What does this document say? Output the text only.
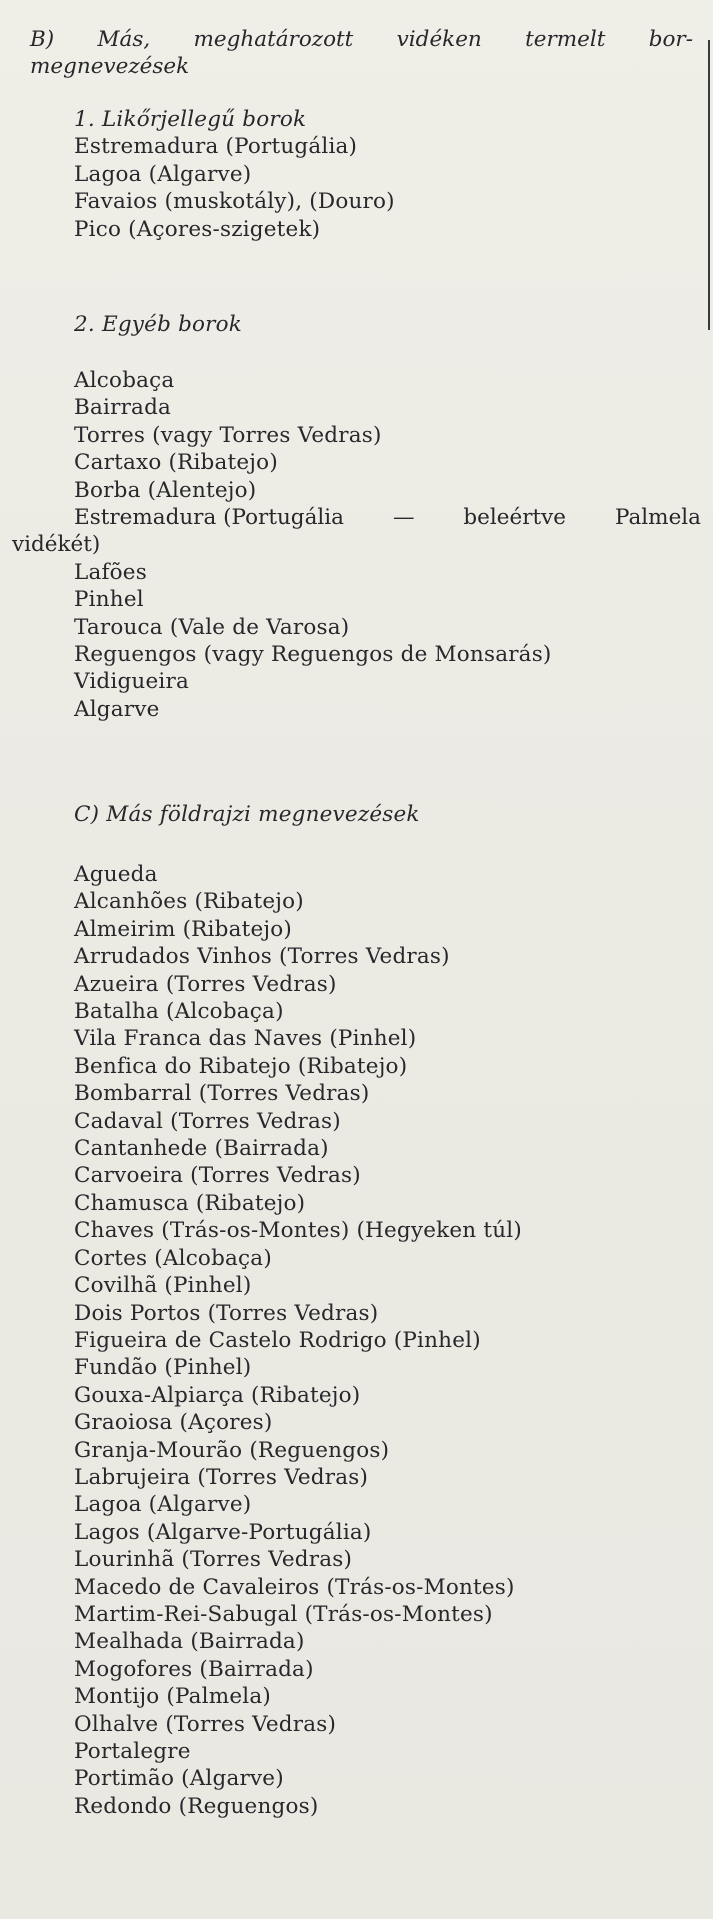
B) Más, meghatározott vidéken termelt bor-
megnevezések
1. Likőrjellegű borok
Estremadura (Portugália)
Lagoa (Algarve)
Favaios (muskotály), (Douro)
Pico (Açores-szigetek)
2. Egyéb borok
Alcobaça
Bairrada
Torres (vagy Torres Vedras)
Cartaxo (Ribatejo)
Borba (Alentejo)
Estremadura (Portugália — beleértve Palmela
vidékét)
Lafões
Pinhel
Tarouca (Vale de Varosa)
Reguengos (vagy Reguengos de Monsarás)
Vidigueira
Algarve
C) Más földrajzi megnevezések
Agueda
Alcanhões (Ribatejo)
Almeirim (Ribatejo)
Arrudados Vinhos (Torres Vedras)
Azueira (Torres Vedras)
Batalha (Alcobaça)
Vila Franca das Naves (Pinhel)
Benfica do Ribatejo (Ribatejo)
Bombarral (Torres Vedras)
Cadaval (Torres Vedras)
Cantanhede (Bairrada)
Carvoeira (Torres Vedras)
Chamusca (Ribatejo)
Chaves (Trás-os-Montes) (Hegyeken túl)
Cortes (Alcobaça)
Covilhã (Pinhel)
Dois Portos (Torres Vedras)
Figueira de Castelo Rodrigo (Pinhel)
Fundão (Pinhel)
Gouxa-Alpiarça (Ribatejo)
Graoiosa (Açores)
Granja-Mourão (Reguengos)
Labrujeira (Torres Vedras)
Lagoa (Algarve)
Lagos (Algarve-Portugália)
Lourinhã (Torres Vedras)
Macedo de Cavaleiros (Trás-os-Montes)
Martim-Rei-Sabugal (Trás-os-Montes)
Mealhada (Bairrada)
Mogofores (Bairrada)
Montijo (Palmela)
Olhalve (Torres Vedras)
Portalegre
Portimão (Algarve)
Redondo (Reguengos)
